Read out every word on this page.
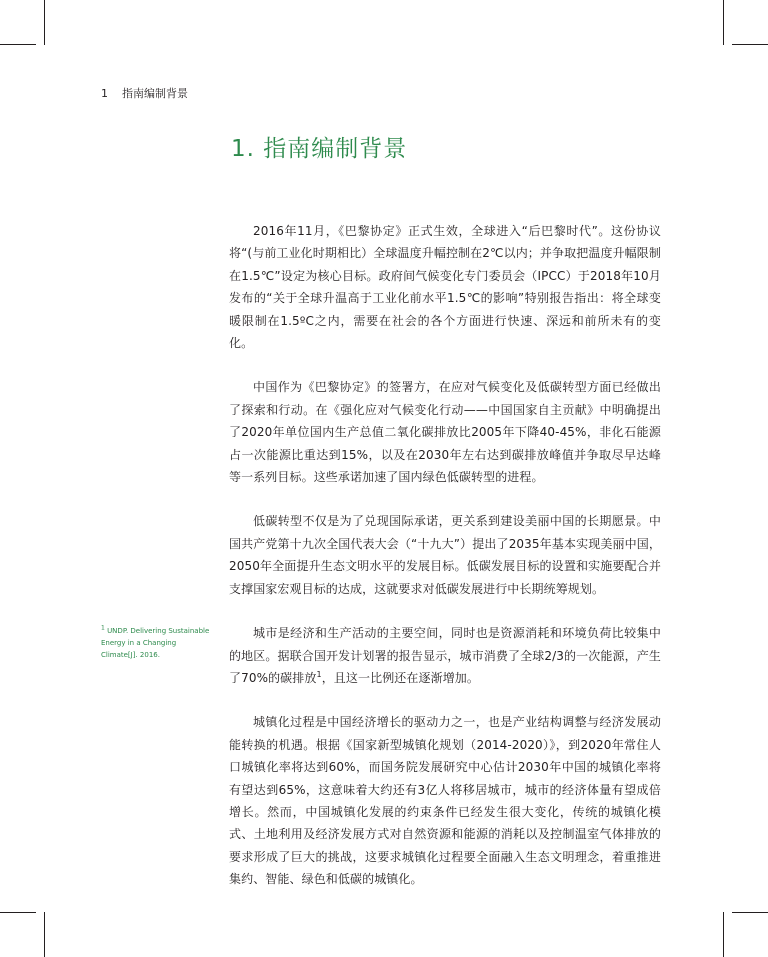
1 指南编制背景
1. 指南编制背景

2016年11月，《巴黎协定》正式生效，全球进入“后巴黎时代”。这份协议将“(与前工业化时期相比）全球温度升幅控制在2℃以内；并争取把温度升幅限制在1.5℃”设定为核心目标。政府间气候变化专门委员会（IPCC）于2018年10月发布的“关于全球升温高于工业化前水平1.5℃的影响”特别报告指出：将全球变暖限制在1.5ºC之内，需要在社会的各个方面进行快速、深远和前所未有的变化。

中国作为《巴黎协定》的签署方，在应对气候变化及低碳转型方面已经做出了探索和行动。在《强化应对气候变化行动——中国国家自主贡献》中明确提出了2020年单位国内生产总值二氧化碳排放比2005年下降40-45%，非化石能源占一次能源比重达到15%，以及在2030年左右达到碳排放峰值并争取尽早达峰等一系列目标。这些承诺加速了国内绿色低碳转型的进程。

低碳转型不仅是为了兑现国际承诺，更关系到建设美丽中国的长期愿景。中国共产党第十九次全国代表大会（“十九大”）提出了2035年基本实现美丽中国，2050年全面提升生态文明水平的发展目标。低碳发展目标的设置和实施要配合并支撑国家宏观目标的达成，这就要求对低碳发展进行中长期统筹规划。

城市是经济和生产活动的主要空间，同时也是资源消耗和环境负荷比较集中的地区。据联合国开发计划署的报告显示，城市消费了全球2/3的一次能源，产生了70%的碳排放$^1$，且这一比例还在逐渐增加。

城镇化过程是中国经济增长的驱动力之一，也是产业结构调整与经济发展动能转换的机遇。根据《国家新型城镇化规划（2014-2020）》，到2020年常住人口城镇化率将达到60%，而国务院发展研究中心估计2030年中国的城镇化率将有望达到65%，这意味着大约还有3亿人将移居城市，城市的经济体量有望成倍增长。然而，中国城镇化发展的约束条件已经发生很大变化，传统的城镇化模式、土地利用及经济发展方式对自然资源和能源的消耗以及控制温室气体排放的要求形成了巨大的挑战，这要求城镇化过程要全面融入生态文明理念，着重推进集约、智能、绿色和低碳的城镇化。

$^1$ UNDP. Delivering Sustainable Energy in a Changing Climate[J]. 2016.
